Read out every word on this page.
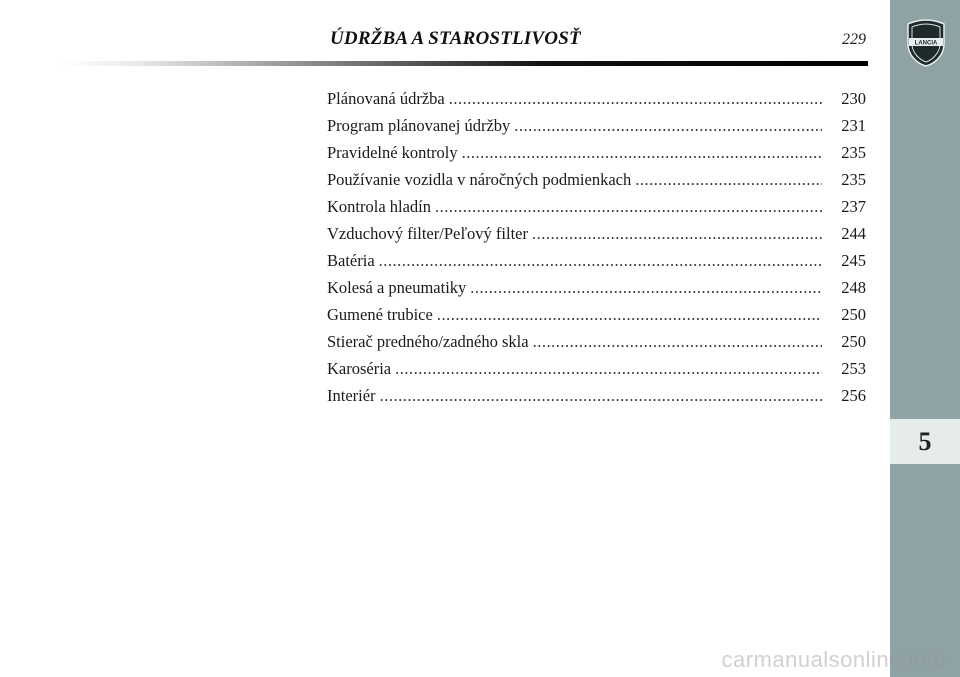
ÚDRŽBA A STAROSTLIVOSŤ	229
Plánovaná údržba .....	230
Program plánovanej údržby .....	231
Pravidelné kontroly .....	235
Používanie vozidla v náročných podmienkach .....	235
Kontrola hladín .....	237
Vzduchový filter/Peľový filter .....	244
Batéria .....	245
Kolesá a pneumatiky .....	248
Gumené trubice .....	250
Stierač predného/zadného skla .....	250
Karoséria .....	253
Interiér .....	256
LANCIA
5
carmanualsonline.info
